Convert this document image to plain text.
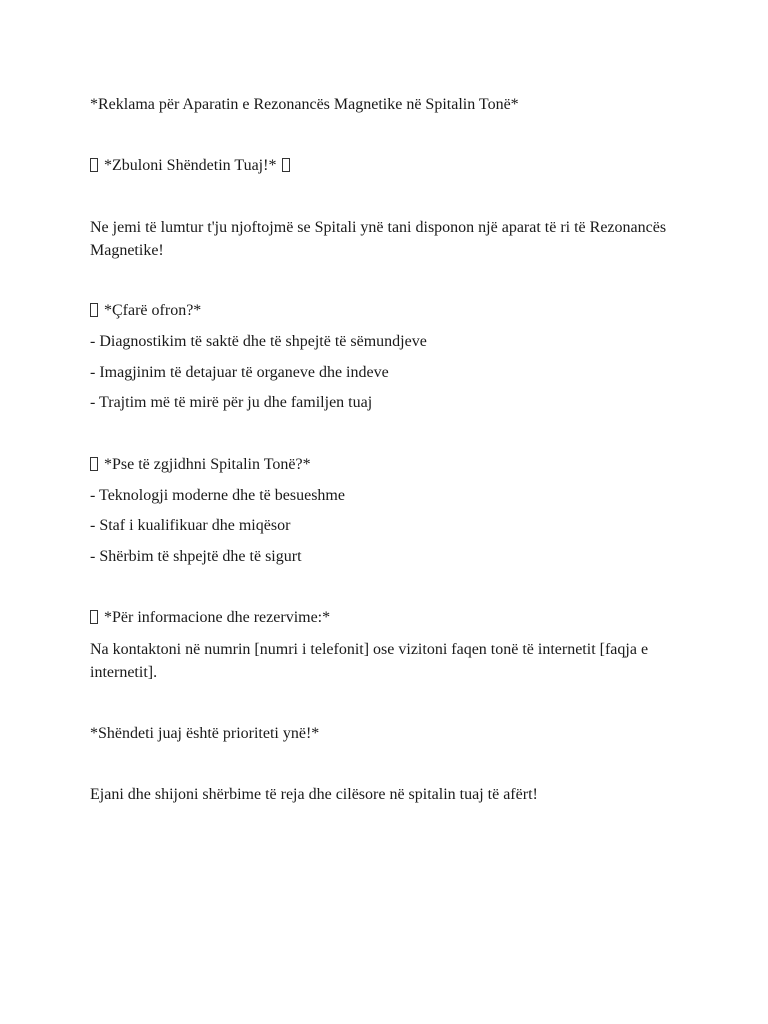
*Reklama për Aparatin e Rezonancës Magnetike në Spitalin Tonë*
*Zbuloni Shëndetin Tuaj!*
Ne jemi të lumtur t'ju njoftojmë se Spitali ynë tani disponon një aparat të ri të Rezonancës Magnetike!
*Çfarë ofron?*
- Diagnostikim të saktë dhe të shpejtë të sëmundjeve
- Imagjinim të detajuar të organeve dhe indeve
- Trajtim më të mirë për ju dhe familjen tuaj
*Pse të zgjidhni Spitalin Tonë?*
- Teknologji moderne dhe të besueshme
- Staf i kualifikuar dhe miqësor
- Shërbim të shpejtë dhe të sigurt
*Për informacione dhe rezervime:*
Na kontaktoni në numrin [numri i telefonit] ose vizitoni faqen tonë të internetit [faqja e internetit].
*Shëndeti juaj është prioriteti ynë!*
Ejani dhe shijoni shërbime të reja dhe cilësore në spitalin tuaj të afërt!
